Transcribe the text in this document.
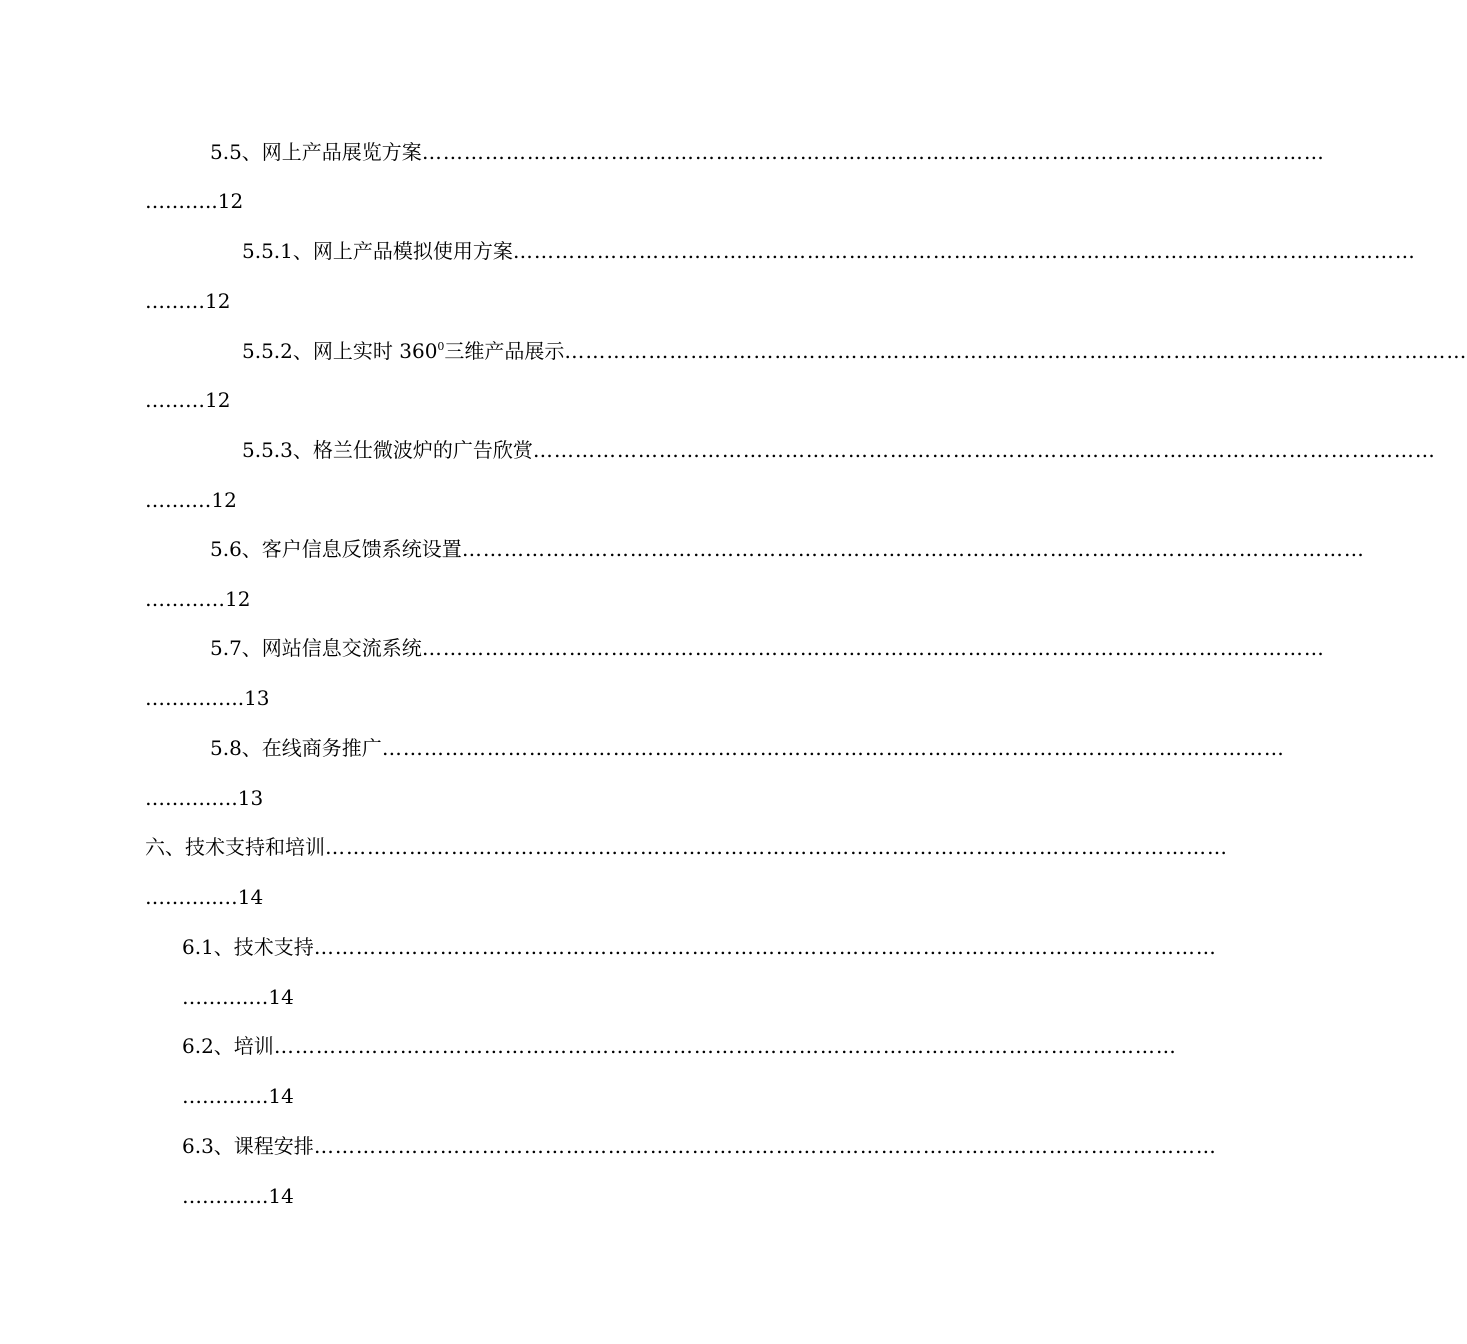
5.5、网上产品展览方案…………………………………………………………………………………………………………………
………..12
5.5.1、网上产品模拟使用方案…………………………………………………………………………………………………………………
………12
5.5.2、网上实时 $360^0$三维产品展示…………………………………………………………………………………………………………………
………12
5.5.3、格兰仕微波炉的广告欣赏…………………………………………………………………………………………………………………
…….…12
5.6、客户信息反馈系统设置…………………………………………………………………………………………………………………
…………12
5.7、网站信息交流系统…………………………………………………………………………………………………………………
……….…..13
5.8、在线商务推广…………………………………………………………………………………………………………………
……….….13
六、技术支持和培训…………………………………………………………………………………………………………………
………..…14
6.1、技术支持…………………………………………………………………………………………………………………
……….…14
6.2、培训…………………………………………………………………………………………………………………
………….14
6.3、课程安排…………………………………………………………………………………………………………………
………….14
